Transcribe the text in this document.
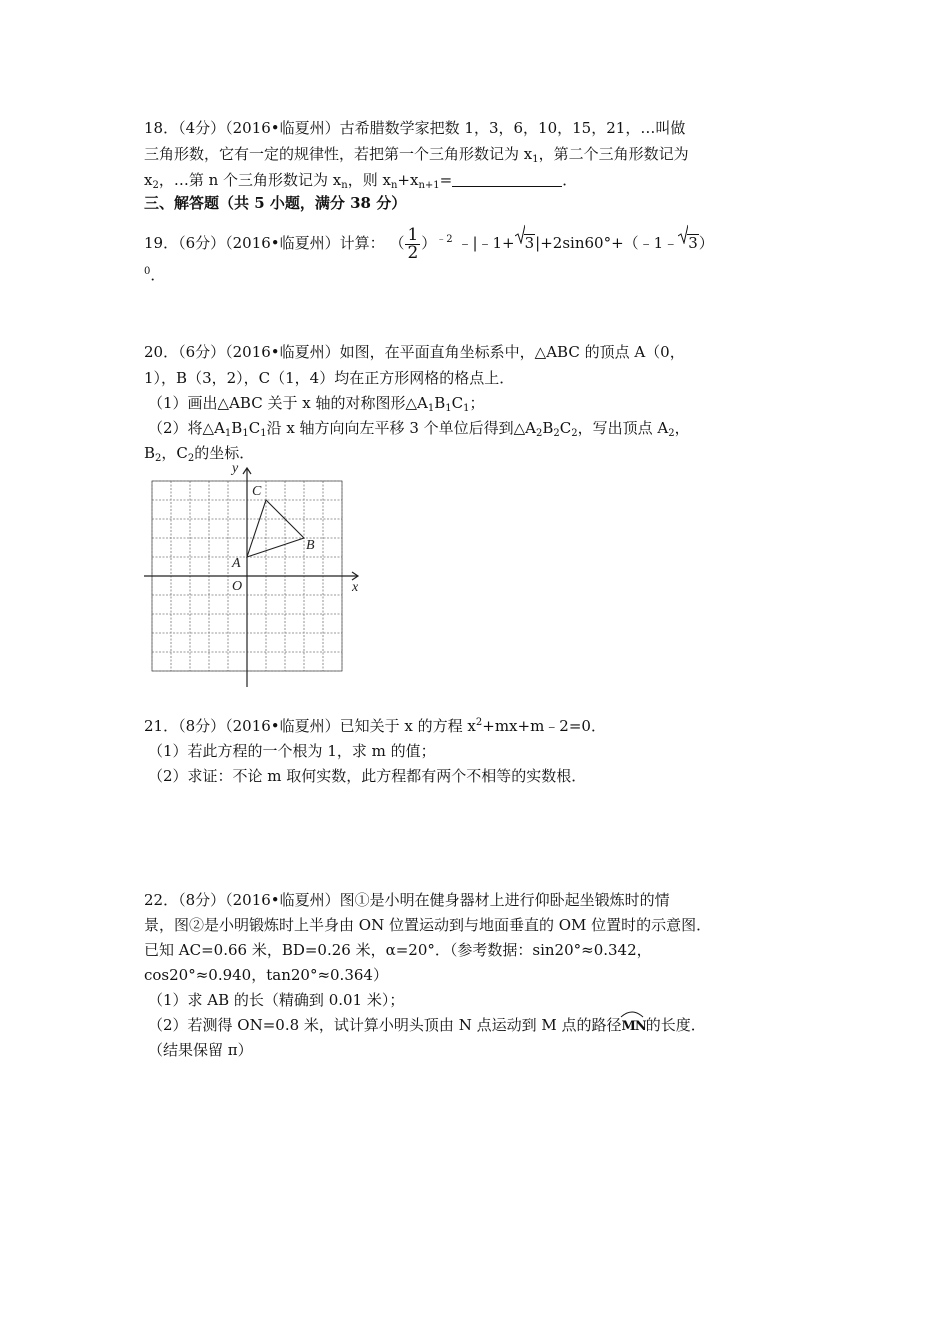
18．（4分）（2016•临夏州）古希腊数学家把数 1，3，6，10，15，21，…叫做
三角形数，它有一定的规律性，若把第一个三角形数记为 $x_1$，第二个三角形数记为
$x_2$，…第 n 个三角形数记为 $x_n$，则 $x_n+x_{n+1}=$	．
三、解答题（共 5 小题，满分 38 分）
19．（6分）（2016•临夏州）计算： （ $\frac{1}{2} )^{﹣2}$ ﹣|﹣1+ 3|+2sin60°+（﹣1﹣ 3）
$^0$．
20．（6分）（2016•临夏州）如图，在平面直角坐标系中，△ABC 的顶点 A（0，
1），B（3，2），C（1，4）均在正方形网格的格点上．
（1）画出△ABC 关于 x 轴的对称图形$\triangle A_1B_1C_1$；
（2）将$\triangle A_1B_1C_1$沿 x 轴方向向左平移 3 个单位后得到$\triangle A_2B_2C_2$，写出顶点 $A_2$，
$B_2$，$C_2$的坐标．
y
x
O
A
B
C
21．（8分）（2016•临夏州）已知关于 x 的方程 $x^2+mx+m﹣2=0$．
（1）若此方程的一个根为 1，求 m 的值；
（2）求证：不论 m 取何实数，此方程都有两个不相等的实数根．
22．（8分）（2016•临夏州）图①是小明在健身器材上进行仰卧起坐锻炼时的情
景，图②是小明锻炼时上半身由 ON 位置运动到与地面垂直的 OM 位置时的示意图．
已知 AC=0.66 米，BD=0.26 米，α=20°．（参考数据：sin20°≈0.342，
cos20°≈0.940，tan20°≈0.364）
（1）求 AB 的长（精确到 0.01 米）；
（2）若测得 ON=0.8 米，试计算小明头顶由 N 点运动到 M 点的路径
MN的长度．
（结果保留 π）
